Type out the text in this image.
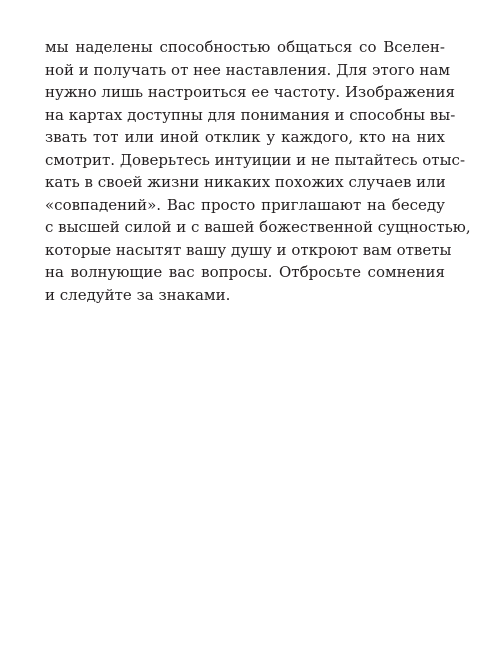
мы наделены способностью общаться со Вселен-
ной и получать от нее наставления. Для этого нам
нужно лишь настроиться ее частоту. Изображения
на картах доступны для понимания и способны вы-
звать тот или иной отклик у каждого, кто на них
смотрит. Доверьтесь интуиции и не пытайтесь отыс-
кать в своей жизни никаких похожих случаев или
«совпадений». Вас просто приглашают на беседу
с высшей силой и с вашей божественной сущностью,
которые насытят вашу душу и откроют вам ответы
на волнующие вас вопросы. Отбросьте сомнения
и следуйте за знаками.
